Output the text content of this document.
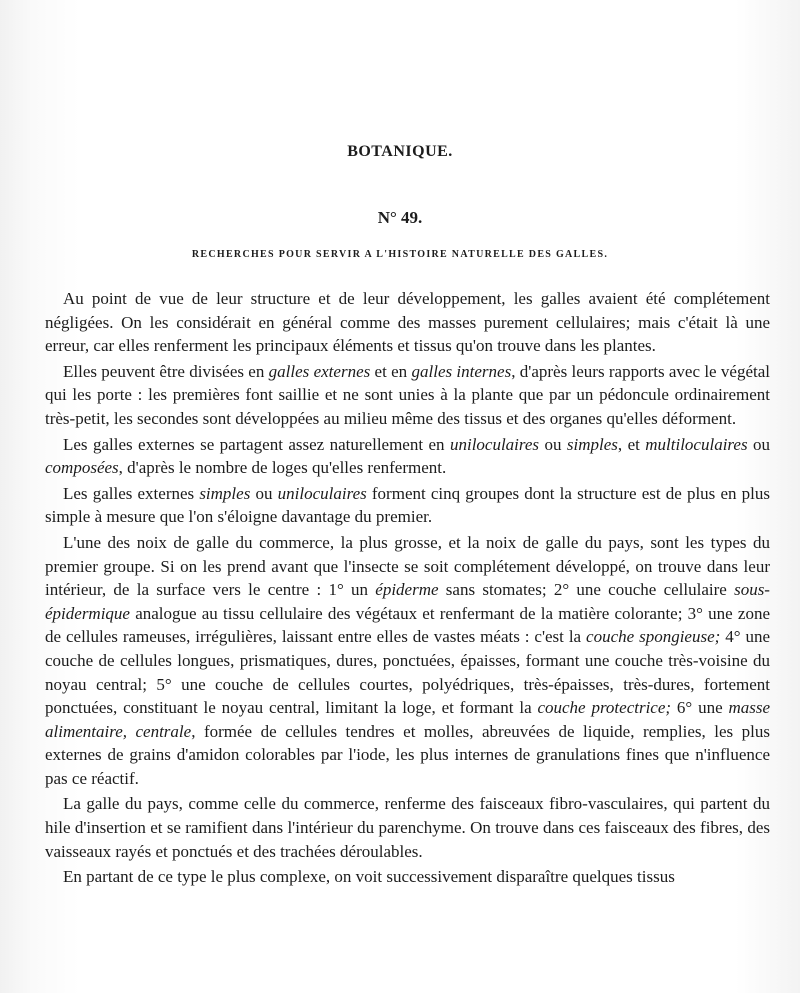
BOTANIQUE.
N° 49.
RECHERCHES POUR SERVIR A L'HISTOIRE NATURELLE DES GALLES.

Au point de vue de leur structure et de leur développement, les galles avaient été complétement négligées. On les considérait en général comme des masses purement cellulaires; mais c'était là une erreur, car elles renferment les principaux éléments et tissus qu'on trouve dans les plantes.

Elles peuvent être divisées en galles externes et en galles internes, d'après leurs rapports avec le végétal qui les porte : les premières font saillie et ne sont unies à la plante que par un pédoncule ordinairement très-petit, les secondes sont développées au milieu même des tissus et des organes qu'elles déforment.

Les galles externes se partagent assez naturellement en uniloculaires ou simples, et multiloculaires ou composées, d'après le nombre de loges qu'elles renferment.

Les galles externes simples ou uniloculaires forment cinq groupes dont la structure est de plus en plus simple à mesure que l'on s'éloigne davantage du premier.

L'une des noix de galle du commerce, la plus grosse, et la noix de galle du pays, sont les types du premier groupe. Si on les prend avant que l'insecte se soit complétement développé, on trouve dans leur intérieur, de la surface vers le centre : 1° un épiderme sans stomates; 2° une couche cellulaire sous-épidermique analogue au tissu cellulaire des végétaux et renfermant de la matière colorante; 3° une zone de cellules rameuses, irrégulières, laissant entre elles de vastes méats : c'est la couche spongieuse; 4° une couche de cellules longues, prismatiques, dures, ponctuées, épaisses, formant une couche très-voisine du noyau central; 5° une couche de cellules courtes, polyédriques, très-épaisses, très-dures, fortement ponctuées, constituant le noyau central, limitant la loge, et formant la couche protectrice; 6° une masse alimentaire, centrale, formée de cellules tendres et molles, abreuvées de liquide, remplies, les plus externes de grains d'amidon colorables par l'iode, les plus internes de granulations fines que n'influence pas ce réactif.

La galle du pays, comme celle du commerce, renferme des faisceaux fibro-vasculaires, qui partent du hile d'insertion et se ramifient dans l'intérieur du parenchyme. On trouve dans ces faisceaux des fibres, des vaisseaux rayés et ponctués et des trachées déroulables.

En partant de ce type le plus complexe, on voit successivement disparaître quelques tissus
